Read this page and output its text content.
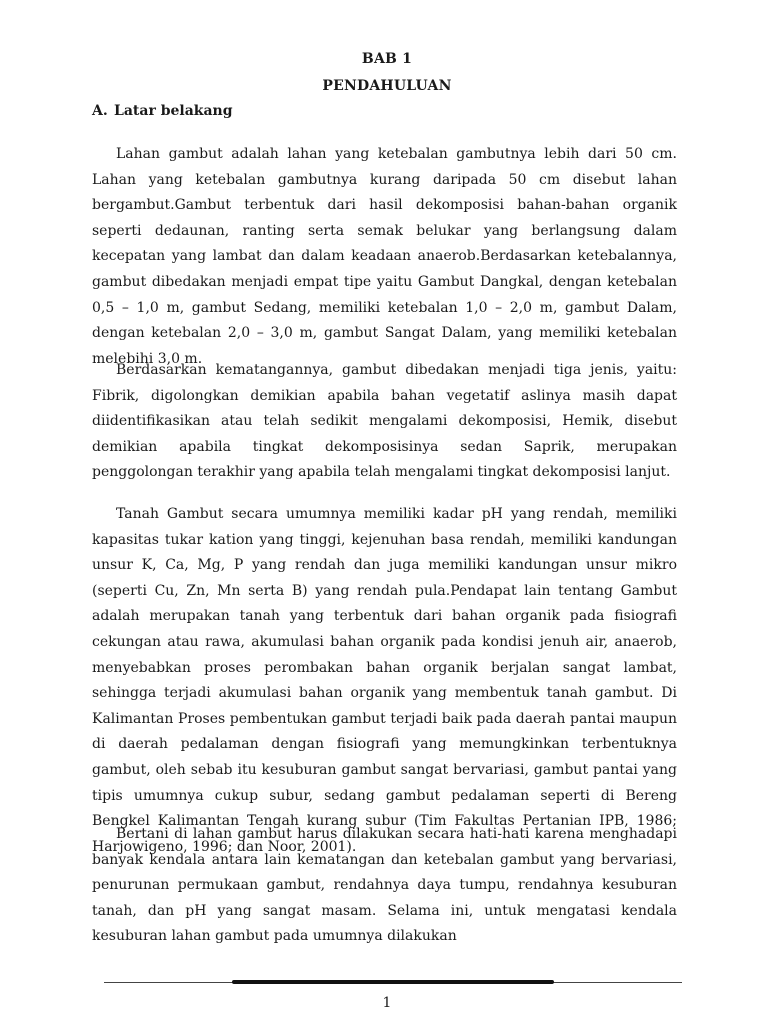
BAB 1
PENDAHULUAN
A. Latar belakang

Lahan gambut adalah lahan yang ketebalan gambutnya lebih dari 50 cm. Lahan yang ketebalan gambutnya kurang daripada 50 cm disebut lahan bergambut.Gambut terbentuk dari hasil dekomposisi bahan-bahan organik seperti dedaunan, ranting serta semak belukar yang berlangsung dalam kecepatan yang lambat dan dalam keadaan anaerob.Berdasarkan ketebalannya, gambut dibedakan menjadi empat tipe yaitu Gambut Dangkal, dengan ketebalan 0,5 – 1,0 m, gambut Sedang, memiliki ketebalan 1,0 – 2,0 m, gambut Dalam, dengan ketebalan 2,0 – 3,0 m, gambut Sangat Dalam, yang memiliki ketebalan melebihi 3,0 m.

Berdasarkan kematangannya, gambut dibedakan menjadi tiga jenis, yaitu: Fibrik, digolongkan demikian apabila bahan vegetatif aslinya masih dapat diidentifikasikan atau telah sedikit mengalami dekomposisi, Hemik, disebut demikian apabila tingkat dekomposisinya sedan Saprik, merupakan penggolongan terakhir yang apabila telah mengalami tingkat dekomposisi lanjut.

Tanah Gambut secara umumnya memiliki kadar pH yang rendah, memiliki kapasitas tukar kation yang tinggi, kejenuhan basa rendah, memiliki kandungan unsur K, Ca, Mg, P yang rendah dan juga memiliki kandungan unsur mikro (seperti Cu, Zn, Mn serta B) yang rendah pula.Pendapat lain tentang Gambut adalah merupakan tanah yang terbentuk dari bahan organik pada fisiografi cekungan atau rawa, akumulasi bahan organik pada kondisi jenuh air, anaerob, menyebabkan proses perombakan bahan organik berjalan sangat lambat, sehingga terjadi akumulasi bahan organik yang membentuk tanah gambut. Di Kalimantan Proses pembentukan gambut terjadi baik pada daerah pantai maupun di daerah pedalaman dengan fisiografi yang memungkinkan terbentuknya gambut, oleh sebab itu kesuburan gambut sangat bervariasi, gambut pantai yang tipis umumnya cukup subur, sedang gambut pedalaman seperti di Bereng Bengkel Kalimantan Tengah kurang subur (Tim Fakultas Pertanian IPB, 1986; Harjowigeno, 1996; dan Noor, 2001).

Bertani di lahan gambut harus dilakukan secara hati-hati karena menghadapi banyak kendala antara lain kematangan dan ketebalan gambut yang bervariasi, penurunan permukaan gambut, rendahnya daya tumpu, rendahnya kesuburan tanah, dan pH yang sangat masam. Selama ini, untuk mengatasi kendala kesuburan lahan gambut pada umumnya dilakukan

1
